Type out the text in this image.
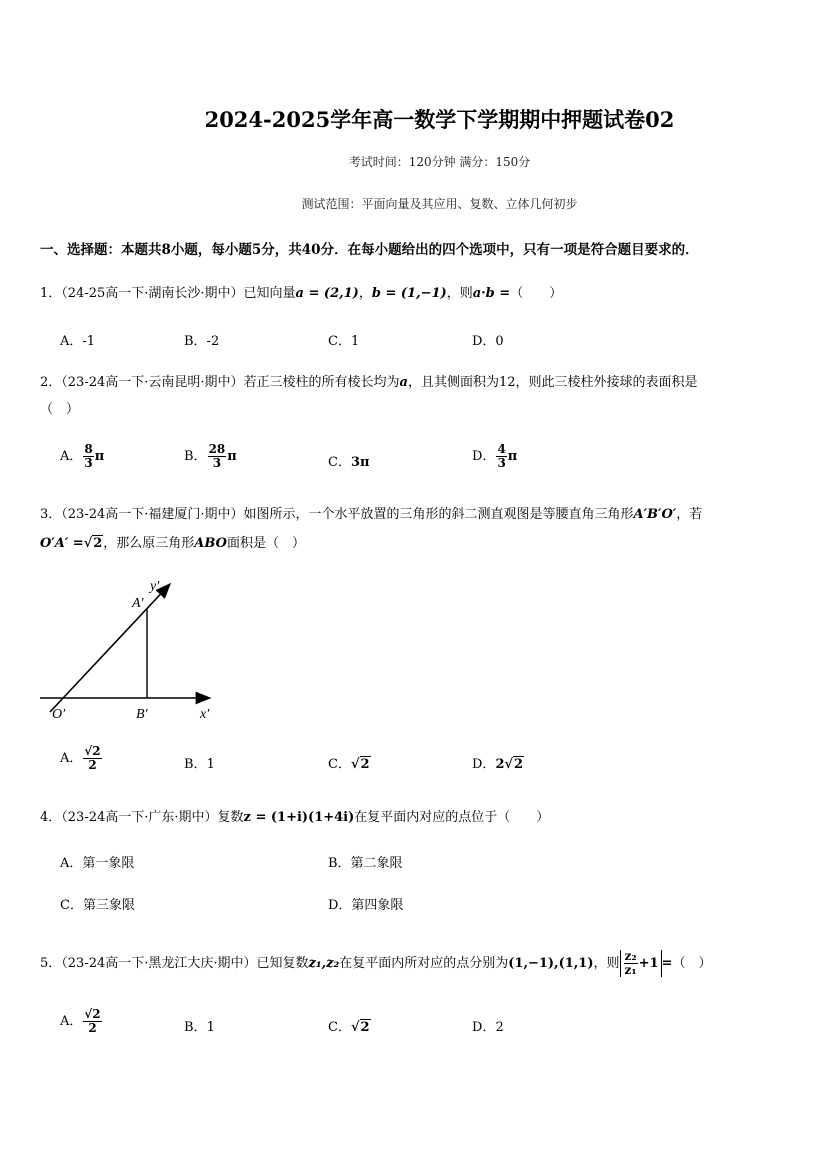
2024-2025学年高一数学下学期期中押题试卷02
考试时间：120分钟 满分：150分
测试范围：平面向量及其应用、复数、立体几何初步
一、选择题：本题共8小题，每小题5分，共40分．在每小题给出的四个选项中，只有一项是符合题目要求的．
1．（24-25高一下·湖南长沙·期中）已知向量a = (2,1)，b = (1,−1)，则a·b =（　　）
A．-1	B．-2	C．1	D．0
2．（23-24高一下·云南昆明·期中）若正三棱柱的所有棱长均为a，且其侧面积为12，则此三棱柱外接球的表面积是
（　）
A． $\frac{8}{3}$ π	B． $\frac{28}{3}$ π	C．3π	D． $\frac{4}{3}$ π
3．（23-24高一下·福建厦门·期中）如图所示，一个水平放置的三角形的斜二测直观图是等腰直角三角形A′B′O′，若
O′A′ =√2，那么原三角形ABO面积是（　）
y′
A′
x′
B′
O′
A． $\frac{√2}{2}$	B．1	C．√2	D．2√2
4．（23-24高一下·广东·期中）复数z = (1+i)(1+4i)在复平面内对应的点位于（　　）
A．第一象限	B．第二象限
C．第三象限	D．第四象限
5．（23-24高一下·黑龙江大庆·期中）已知复数z₁,z₂在复平面内所对应的点分别为(1,−1),(1,1)，则 $\frac{\text{z₂}}{\text{z₁}} +1$ =（　）
A． $\frac{√2}{2}$	B．1	C．√2	D．2
